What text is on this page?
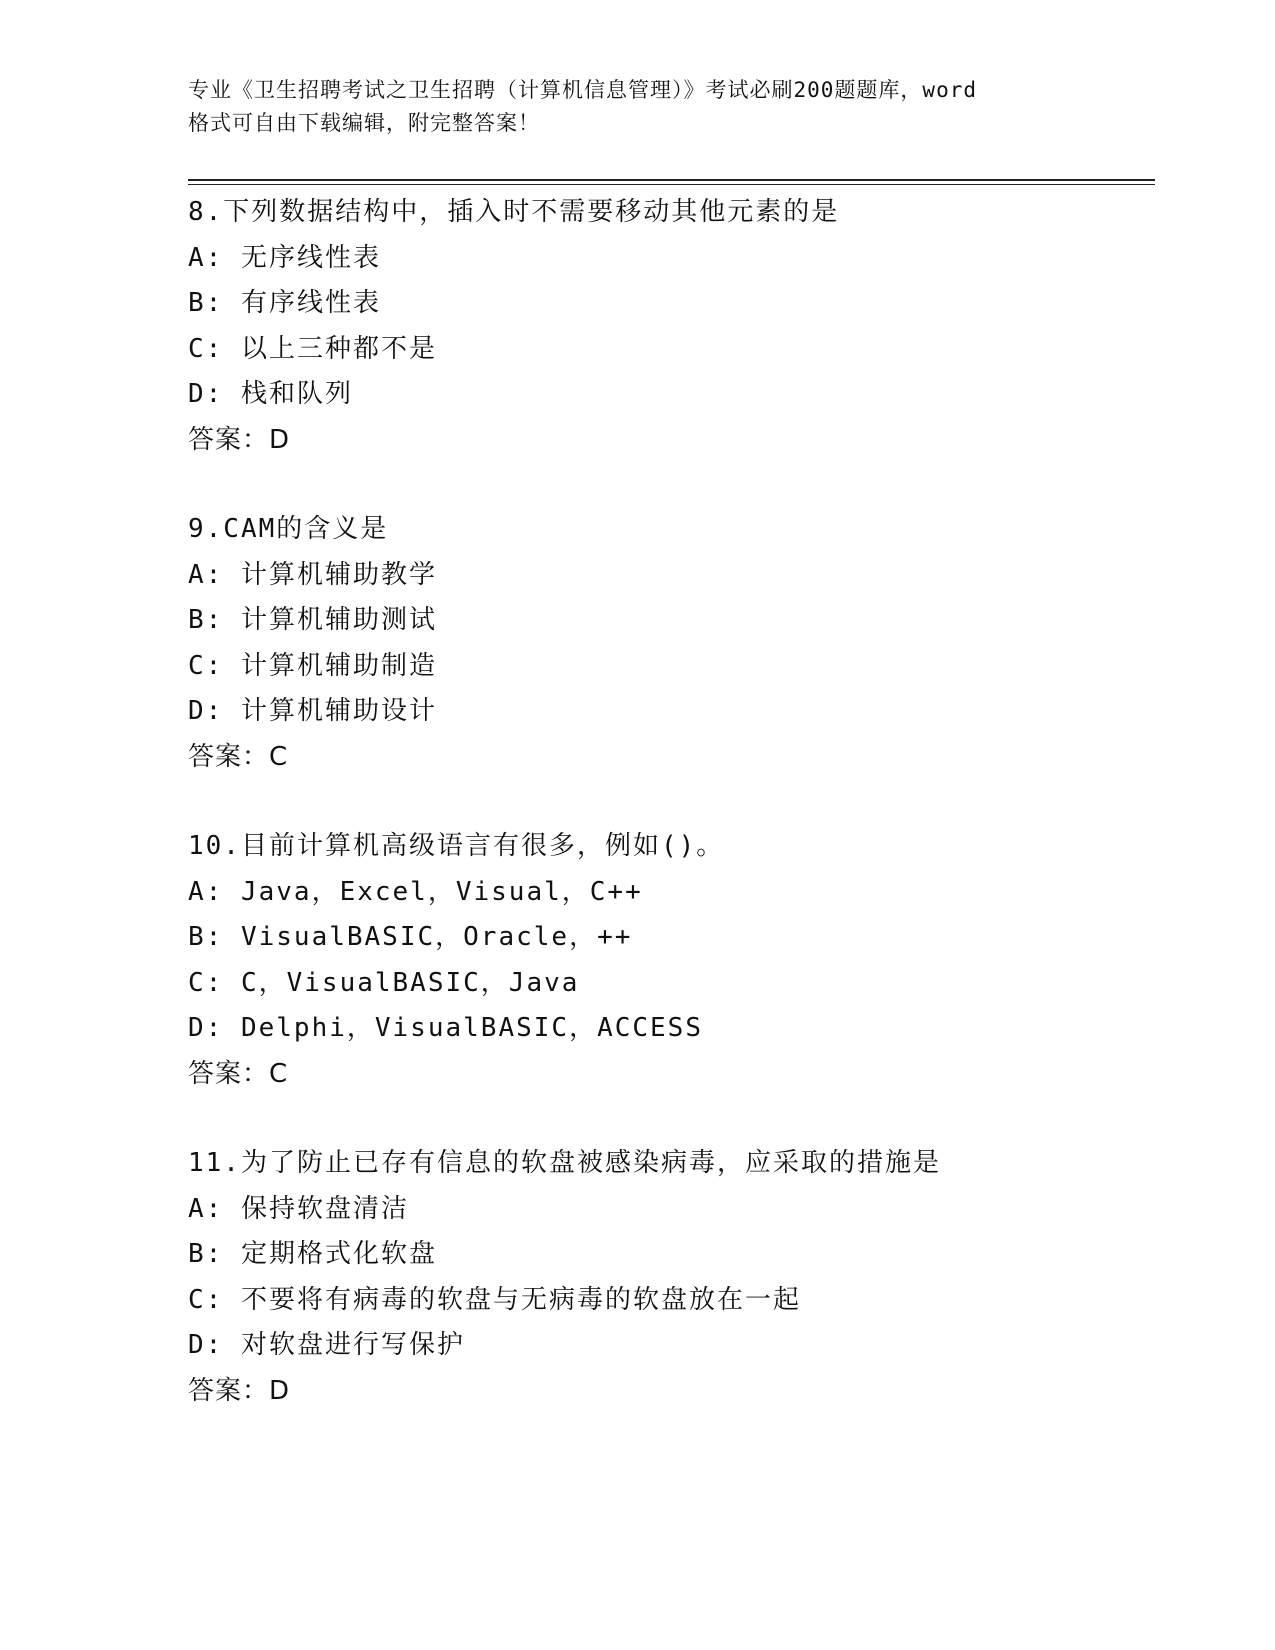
专业《卫生招聘考试之卫生招聘（计算机信息管理）》考试必刷200题题库，word
格式可自由下载编辑，附完整答案！
8.下列数据结构中，插入时不需要移动其他元素的是
A: 无序线性表
B: 有序线性表
C: 以上三种都不是
D: 栈和队列
答案：D
9.CAM的含义是
A: 计算机辅助教学
B: 计算机辅助测试
C: 计算机辅助制造
D: 计算机辅助设计
答案：C
10.目前计算机高级语言有很多，例如()。
A: Java，Excel，Visual，C++
B: VisualBASIC，Oracle，++
C: C，VisualBASIC，Java
D: Delphi，VisualBASIC，ACCESS
答案：C
11.为了防止已存有信息的软盘被感染病毒，应采取的措施是
A: 保持软盘清洁
B: 定期格式化软盘
C: 不要将有病毒的软盘与无病毒的软盘放在一起
D: 对软盘进行写保护
答案：D
